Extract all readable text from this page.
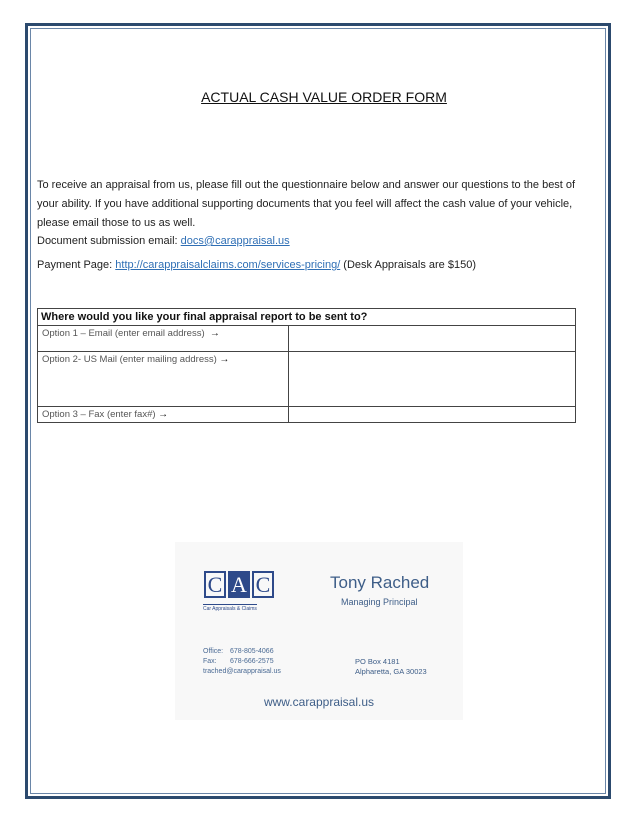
ACTUAL CASH VALUE ORDER FORM
To receive an appraisal from us, please fill out the questionnaire below and answer our questions to the best of your ability. If you have additional supporting documents that you feel will affect the cash value of your vehicle, please email those to us as well.
Document submission email: docs@carappraisal.us
Payment Page: http://carappraisalclaims.com/services-pricing/ (Desk Appraisals are $150)
Where would you like your final appraisal report to be sent to?	
Option 1 – Email (enter email address) →	
Option 2- US Mail (enter mailing address) →	
Option 3 – Fax (enter fax#) →	
C A C
Car Appraisals & Claims
Tony Rached
Managing Principal
Office: 678-805-4066
Fax: 678-666-2575
trached@carappraisal.us
PO Box 4181
Alpharetta, GA 30023
www.carappraisal.us
